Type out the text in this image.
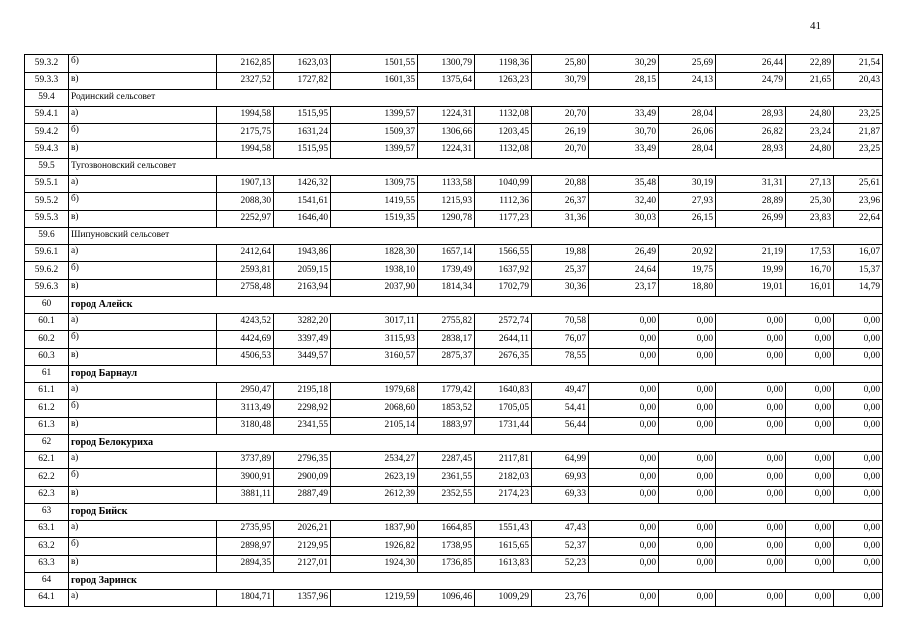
41
59.3.2	б)	2162,85	1623,03	1501,55	1300,79	1198,36	25,80	30,29	25,69	26,44	22,89	21,54
59.3.3	в)	2327,52	1727,82	1601,35	1375,64	1263,23	30,79	28,15	24,13	24,79	21,65	20,43
59.4	Родинский сельсовет											
59.4.1	а)	1994,58	1515,95	1399,57	1224,31	1132,08	20,70	33,49	28,04	28,93	24,80	23,25
59.4.2	б)	2175,75	1631,24	1509,37	1306,66	1203,45	26,19	30,70	26,06	26,82	23,24	21,87
59.4.3	в)	1994,58	1515,95	1399,57	1224,31	1132,08	20,70	33,49	28,04	28,93	24,80	23,25
59.5	Тугозвоновский сельсовет											
59.5.1	а)	1907,13	1426,32	1309,75	1133,58	1040,99	20,88	35,48	30,19	31,31	27,13	25,61
59.5.2	б)	2088,30	1541,61	1419,55	1215,93	1112,36	26,37	32,40	27,93	28,89	25,30	23,96
59.5.3	в)	2252,97	1646,40	1519,35	1290,78	1177,23	31,36	30,03	26,15	26,99	23,83	22,64
59.6	Шипуновский сельсовет											
59.6.1	а)	2412,64	1943,86	1828,30	1657,14	1566,55	19,88	26,49	20,92	21,19	17,53	16,07
59.6.2	б)	2593,81	2059,15	1938,10	1739,49	1637,92	25,37	24,64	19,75	19,99	16,70	15,37
59.6.3	в)	2758,48	2163,94	2037,90	1814,34	1702,79	30,36	23,17	18,80	19,01	16,01	14,79
60	город Алейск											
60.1	а)	4243,52	3282,20	3017,11	2755,82	2572,74	70,58	0,00	0,00	0,00	0,00	0,00
60.2	б)	4424,69	3397,49	3115,93	2838,17	2644,11	76,07	0,00	0,00	0,00	0,00	0,00
60.3	в)	4506,53	3449,57	3160,57	2875,37	2676,35	78,55	0,00	0,00	0,00	0,00	0,00
61	город Барнаул											
61.1	а)	2950,47	2195,18	1979,68	1779,42	1640,83	49,47	0,00	0,00	0,00	0,00	0,00
61.2	б)	3113,49	2298,92	2068,60	1853,52	1705,05	54,41	0,00	0,00	0,00	0,00	0,00
61.3	в)	3180,48	2341,55	2105,14	1883,97	1731,44	56,44	0,00	0,00	0,00	0,00	0,00
62	город Белокуриха											
62.1	а)	3737,89	2796,35	2534,27	2287,45	2117,81	64,99	0,00	0,00	0,00	0,00	0,00
62.2	б)	3900,91	2900,09	2623,19	2361,55	2182,03	69,93	0,00	0,00	0,00	0,00	0,00
62.3	в)	3881,11	2887,49	2612,39	2352,55	2174,23	69,33	0,00	0,00	0,00	0,00	0,00
63	город Бийск											
63.1	а)	2735,95	2026,21	1837,90	1664,85	1551,43	47,43	0,00	0,00	0,00	0,00	0,00
63.2	б)	2898,97	2129,95	1926,82	1738,95	1615,65	52,37	0,00	0,00	0,00	0,00	0,00
63.3	в)	2894,35	2127,01	1924,30	1736,85	1613,83	52,23	0,00	0,00	0,00	0,00	0,00
64	город Заринск											
64.1	а)	1804,71	1357,96	1219,59	1096,46	1009,29	23,76	0,00	0,00	0,00	0,00	0,00
